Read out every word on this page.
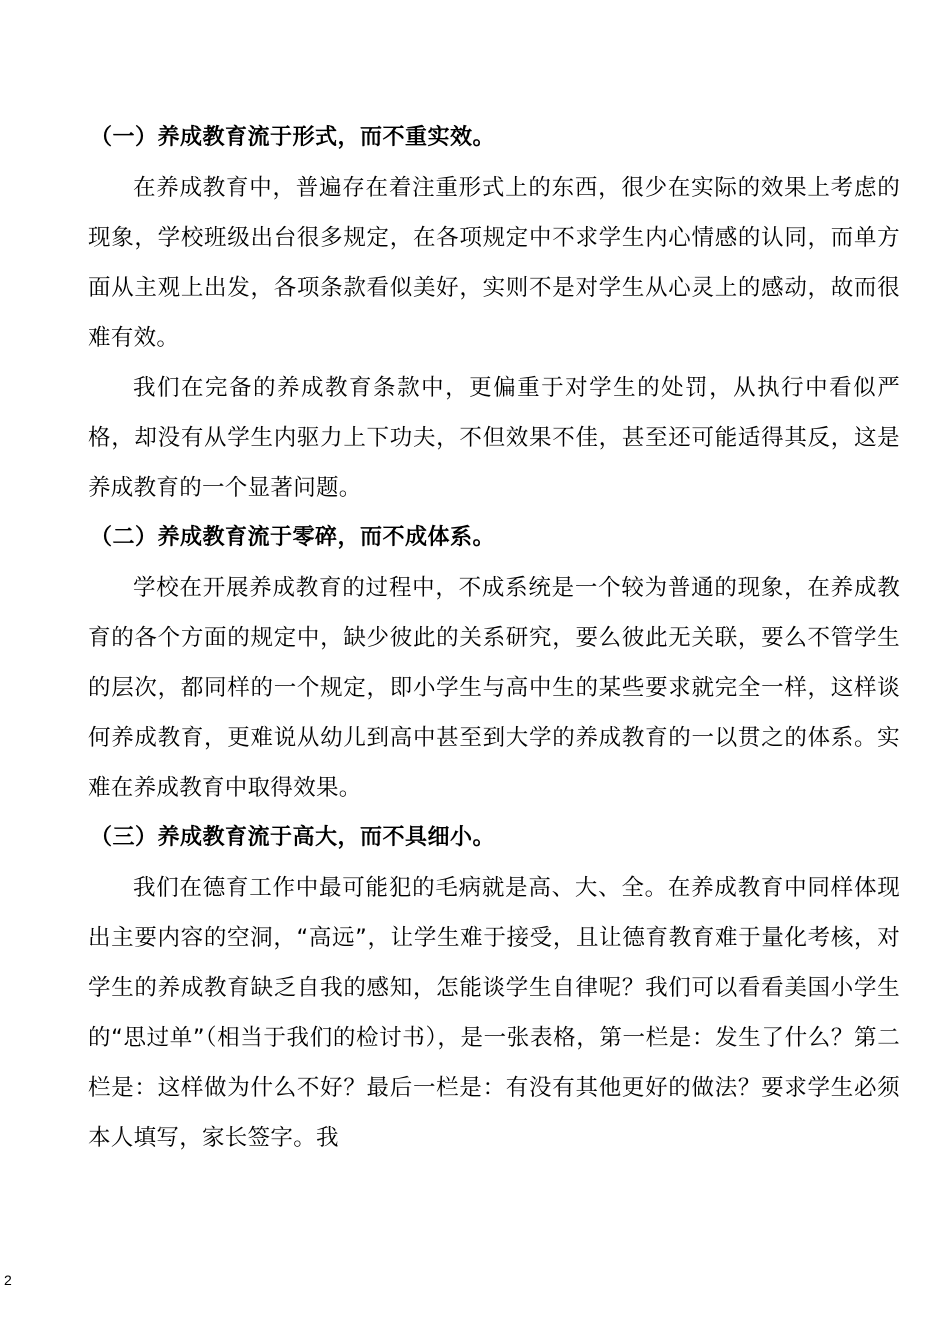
（一）养成教育流于形式，而不重实效。

在养成教育中，普遍存在着注重形式上的东西，很少在实际的效果上考虑的现象，学校班级出台很多规定，在各项规定中不求学生内心情感的认同，而单方面从主观上出发，各项条款看似美好，实则不是对学生从心灵上的感动，故而很难有效。

我们在完备的养成教育条款中，更偏重于对学生的处罚，从执行中看似严格，却没有从学生内驱力上下功夫，不但效果不佳，甚至还可能适得其反，这是养成教育的一个显著问题。

（二）养成教育流于零碎，而不成体系。

学校在开展养成教育的过程中，不成系统是一个较为普通的现象，在养成教育的各个方面的规定中，缺少彼此的关系研究，要么彼此无关联，要么不管学生的层次，都同样的一个规定，即小学生与高中生的某些要求就完全一样，这样谈何养成教育，更难说从幼儿到高中甚至到大学的养成教育的一以贯之的体系。实难在养成教育中取得效果。

（三）养成教育流于高大，而不具细小。

我们在德育工作中最可能犯的毛病就是高、大、全。在养成教育中同样体现出主要内容的空洞，“高远”，让学生难于接受，且让德育教育难于量化考核，对学生的养成教育缺乏自我的感知，怎能谈学生自律呢？我们可以看看美国小学生的“思过单”（相当于我们的检讨书），是一张表格，第一栏是：发生了什么？第二栏是：这样做为什么不好？最后一栏是：有没有其他更好的做法？要求学生必须本人填写，家长签字。我

2
